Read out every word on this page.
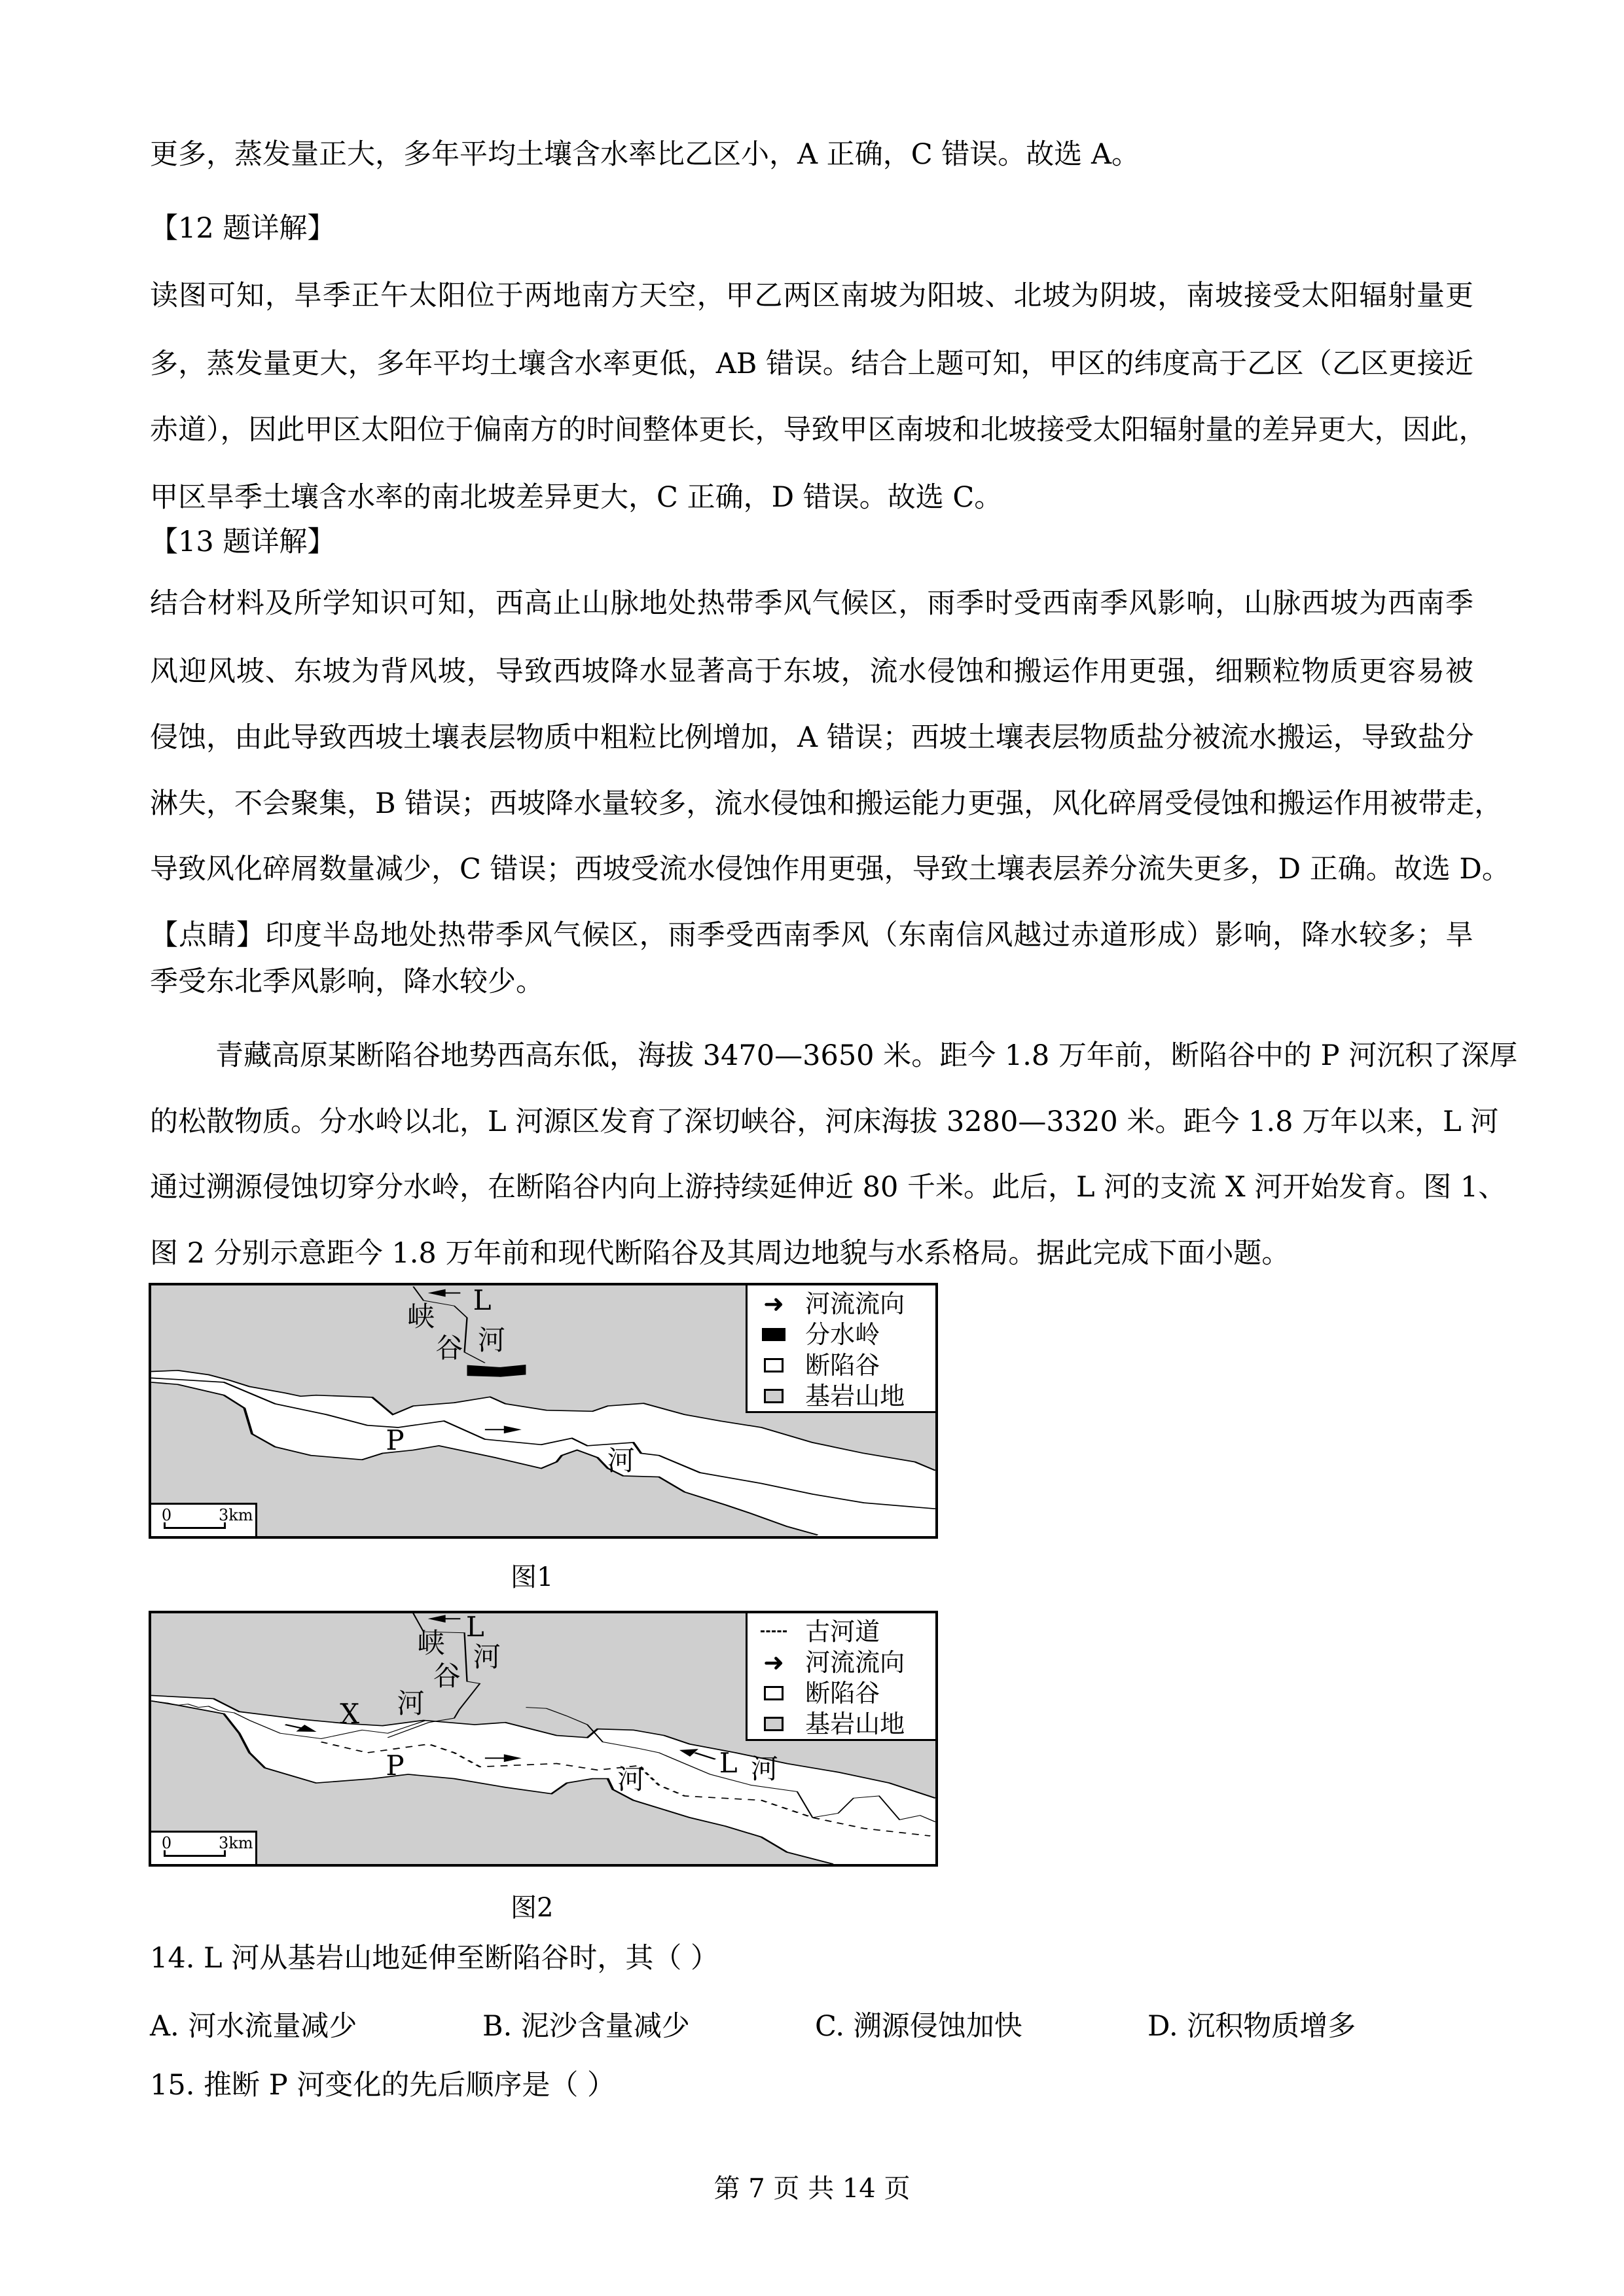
更多，蒸发量正大，多年平均土壤含水率比乙区小，A 正确，C 错误。故选 A。
【12 题详解】
读图可知，旱季正午太阳位于两地南方天空，甲乙两区南坡为阳坡、北坡为阴坡，南坡接受太阳辐射量更
多，蒸发量更大，多年平均土壤含水率更低，AB 错误。结合上题可知，甲区的纬度高于乙区（乙区更接近
赤道），因此甲区太阳位于偏南方的时间整体更长，导致甲区南坡和北坡接受太阳辐射量的差异更大，因此，
甲区旱季土壤含水率的南北坡差异更大，C 正确，D 错误。故选 C。
【13 题详解】
结合材料及所学知识可知，西高止山脉地处热带季风气候区，雨季时受西南季风影响，山脉西坡为西南季
风迎风坡、东坡为背风坡，导致西坡降水显著高于东坡，流水侵蚀和搬运作用更强，细颗粒物质更容易被
侵蚀，由此导致西坡土壤表层物质中粗粒比例增加，A 错误；西坡土壤表层物质盐分被流水搬运，导致盐分
淋失，不会聚集，B 错误；西坡降水量较多，流水侵蚀和搬运能力更强，风化碎屑受侵蚀和搬运作用被带走，
导致风化碎屑数量减少，C 错误；西坡受流水侵蚀作用更强，导致土壤表层养分流失更多，D 正确。故选 D。
【点睛】印度半岛地处热带季风气候区，雨季受西南季风（东南信风越过赤道形成）影响，降水较多；旱
季受东北季风影响，降水较少。
青藏高原某断陷谷地势西高东低，海拔 3470—3650 米。距今 1.8 万年前，断陷谷中的 P 河沉积了深厚
的松散物质。分水岭以北，L 河源区发育了深切峡谷，河床海拔 3280—3320 米。距今 1.8 万年以来，L 河
通过溯源侵蚀切穿分水岭，在断陷谷内向上游持续延伸近 80 千米。此后，L 河的支流 X 河开始发育。图 1、
图 2 分别示意距今 1.8 万年前和现代断陷谷及其周边地貌与水系格局。据此完成下面小题。
峡
谷
L
河
P
河
➜ 河流流向
分水岭
断陷谷
基岩山地
0	3km
图1
L
河
峡
谷
河
X
P	河
L 河
古河道
➜ 河流流向
断陷谷
基岩山地
0	3km
图2
14. L 河从基岩山地延伸至断陷谷时，其（ ）
A. 河水流量减少	B. 泥沙含量减少	C. 溯源侵蚀加快	D. 沉积物质增多
15. 推断 P 河变化的先后顺序是（ ）
第 7 页 共 14 页
